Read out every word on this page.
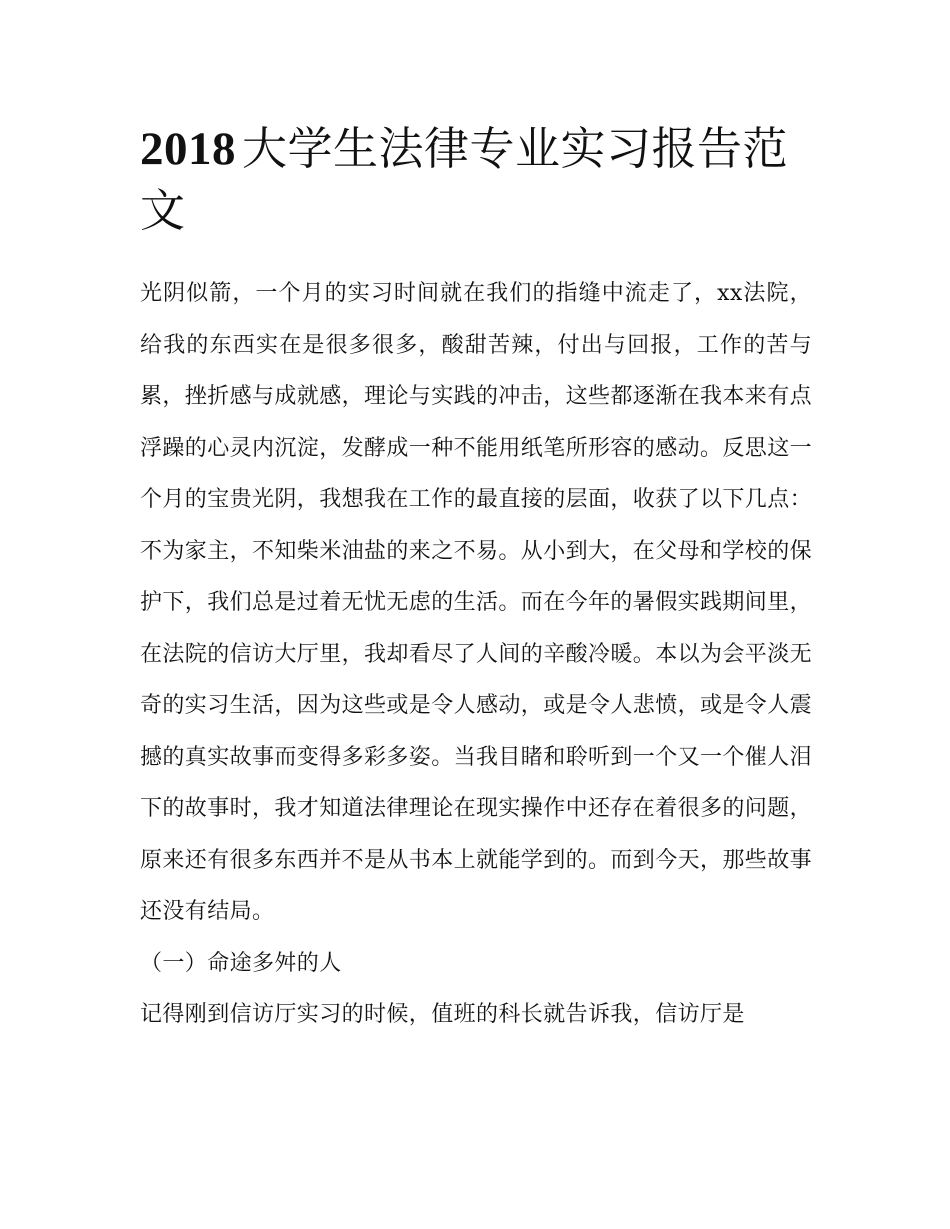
2018 大学生法律专业实习报告范文

光阴似箭，一个月的实习时间就在我们的指缝中流走了，xx法院，给我的东西实在是很多很多，酸甜苦辣，付出与回报，工作的苦与累，挫折感与成就感，理论与实践的冲击，这些都逐渐在我本来有点浮躁的心灵内沉淀，发酵成一种不能用纸笔所形容的感动。反思这一个月的宝贵光阴，我想我在工作的最直接的层面，收获了以下几点：

不为家主，不知柴米油盐的来之不易。从小到大，在父母和学校的保护下，我们总是过着无忧无虑的生活。而在今年的暑假实践期间里，在法院的信访大厅里，我却看尽了人间的辛酸冷暖。本以为会平淡无奇的实习生活，因为这些或是令人感动，或是令人悲愤，或是令人震撼的真实故事而变得多彩多姿。当我目睹和聆听到一个又一个催人泪下的故事时，我才知道法律理论在现实操作中还存在着很多的问题，原来还有很多东西并不是从书本上就能学到的。而到今天，那些故事还没有结局。

（一）命途多舛的人

记得刚到信访厅实习的时候，值班的科长就告诉我，信访厅是
